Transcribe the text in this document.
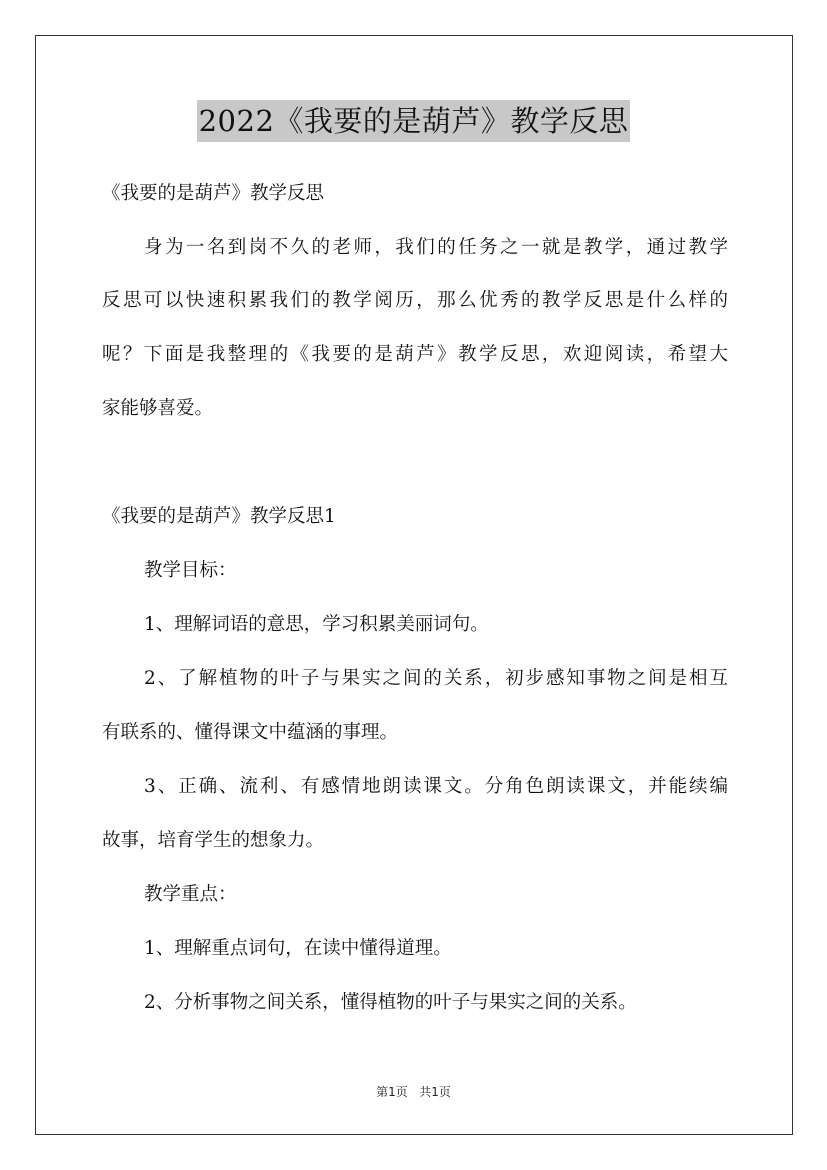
2022《我要的是葫芦》教学反思
《我要的是葫芦》教学反思
身为一名到岗不久的老师，我们的任务之一就是教学，通过教学
反思可以快速积累我们的教学阅历，那么优秀的教学反思是什么样的
呢？下面是我整理的《我要的是葫芦》教学反思，欢迎阅读，希望大
家能够喜爱。
《我要的是葫芦》教学反思1
教学目标：
1、理解词语的意思，学习积累美丽词句。
2、了解植物的叶子与果实之间的关系，初步感知事物之间是相互
有联系的、懂得课文中蕴涵的事理。
3、正确、流利、有感情地朗读课文。分角色朗读课文，并能续编
故事，培育学生的想象力。
教学重点：
1、理解重点词句，在读中懂得道理。
2、分析事物之间关系，懂得植物的叶子与果实之间的关系。
第1页 共1页
